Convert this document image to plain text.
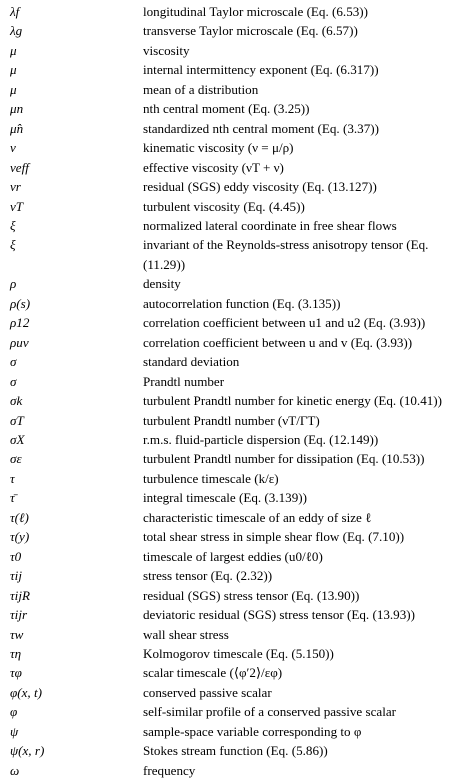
λf	longitudinal Taylor microscale (Eq. (6.53))
λg	transverse Taylor microscale (Eq. (6.57))
μ	viscosity
μ	internal intermittency exponent (Eq. (6.317))
μ	mean of a distribution
μn	nth central moment (Eq. (3.25))
μ̂n	standardized nth central moment (Eq. (3.37))
ν	kinematic viscosity (ν = μ/ρ)
νeff	effective viscosity (νT + ν)
νr	residual (SGS) eddy viscosity (Eq. (13.127))
νT	turbulent viscosity (Eq. (4.45))
ξ	normalized lateral coordinate in free shear flows
ξ	invariant of the Reynolds-stress anisotropy tensor (Eq. (11.29))
ρ	density
ρ(s)	autocorrelation function (Eq. (3.135))
ρ12	correlation coefficient between u1 and u2 (Eq. (3.93))
ρuv	correlation coefficient between u and v (Eq. (3.93))
σ	standard deviation
σ	Prandtl number
σk	turbulent Prandtl number for kinetic energy (Eq. (10.41))
σT	turbulent Prandtl number (νT/ΓT)
σX	r.m.s. fluid-particle dispersion (Eq. (12.149))
σε	turbulent Prandtl number for dissipation (Eq. (10.53))
τ	turbulence timescale (k/ε)
τ̄	integral timescale (Eq. (3.139))
τ(ℓ)	characteristic timescale of an eddy of size ℓ
τ(y)	total shear stress in simple shear flow (Eq. (7.10))
τ0	timescale of largest eddies (u0/ℓ0)
τij	stress tensor (Eq. (2.32))
τijR	residual (SGS) stress tensor (Eq. (13.90))
τijr	deviatoric residual (SGS) stress tensor (Eq. (13.93))
τw	wall shear stress
τη	Kolmogorov timescale (Eq. (5.150))
τφ	scalar timescale (⟨φ′2⟩/εφ)
φ(x, t)	conserved passive scalar
φ	self-similar profile of a conserved passive scalar
ψ	sample-space variable corresponding to φ
ψ(x, r)	Stokes stream function (Eq. (5.86))
ω	frequency
